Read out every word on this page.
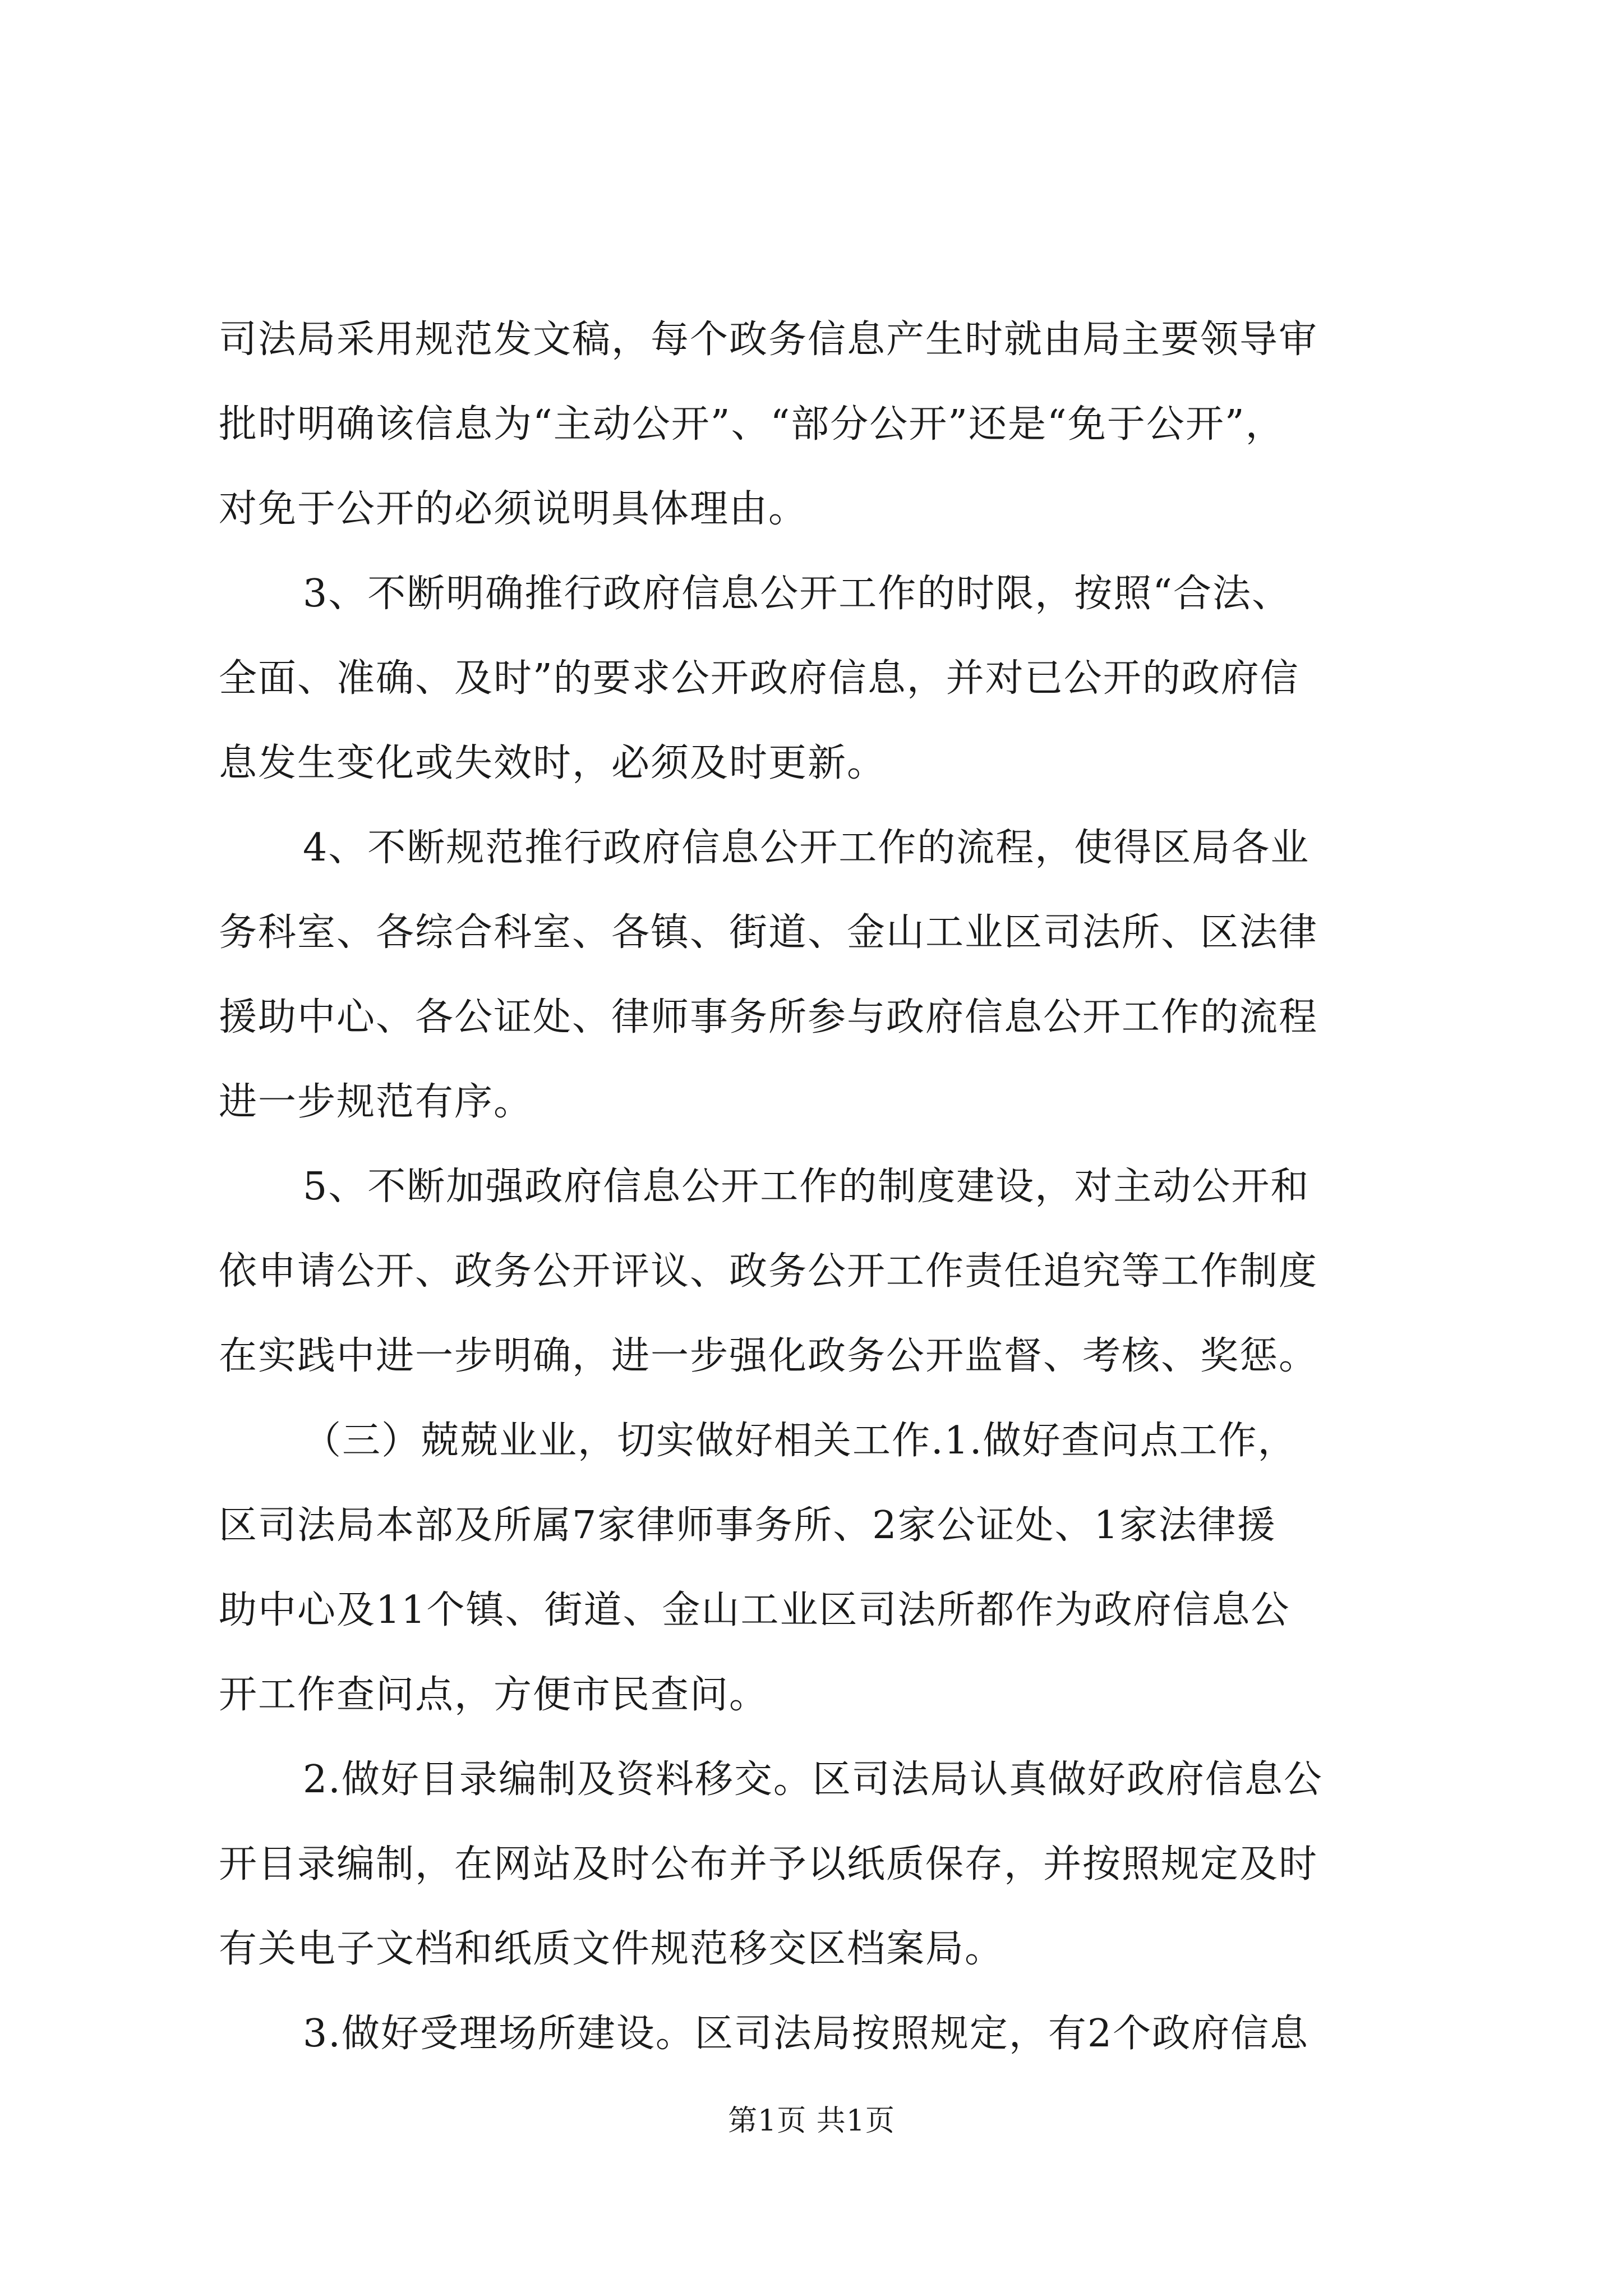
司法局采用规范发文稿，每个政务信息产生时就由局主要领导审

批时明确该信息为“主动公开”、“部分公开”还是“免于公开”，

对免于公开的必须说明具体理由。

3、不断明确推行政府信息公开工作的时限，按照“合法、

全面、准确、及时”的要求公开政府信息，并对已公开的政府信

息发生变化或失效时，必须及时更新。

4、不断规范推行政府信息公开工作的流程，使得区局各业

务科室、各综合科室、各镇、街道、金山工业区司法所、区法律

援助中心、各公证处、律师事务所参与政府信息公开工作的流程

进一步规范有序。

5、不断加强政府信息公开工作的制度建设，对主动公开和

依申请公开、政务公开评议、政务公开工作责任追究等工作制度

在实践中进一步明确，进一步强化政务公开监督、考核、奖惩。

（三）兢兢业业，切实做好相关工作.1.做好查问点工作，

区司法局本部及所属7家律师事务所、2家公证处、1家法律援

助中心及11个镇、街道、金山工业区司法所都作为政府信息公

开工作查问点，方便市民查问。

2.做好目录编制及资料移交。区司法局认真做好政府信息公

开目录编制，在网站及时公布并予以纸质保存，并按照规定及时

有关电子文档和纸质文件规范移交区档案局。

3.做好受理场所建设。区司法局按照规定，有2个政府信息

第1页 共1页
